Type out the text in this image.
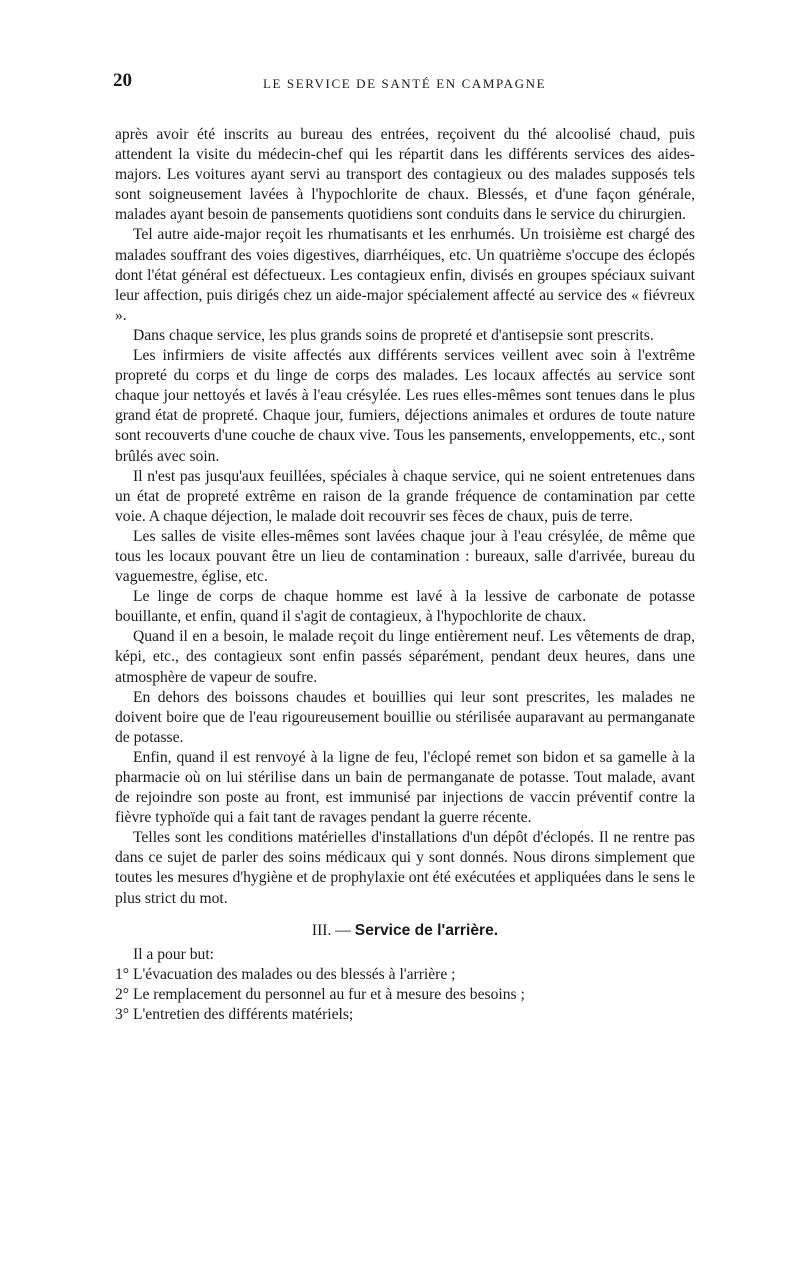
20	LE SERVICE DE SANTÉ EN CAMPAGNE

après avoir été inscrits au bureau des entrées, reçoivent du thé alcoolisé chaud, puis attendent la visite du médecin-chef qui les répartit dans les différents services des aides-majors. Les voitures ayant servi au transport des contagieux ou des malades supposés tels sont soigneusement lavées à l'hypochlorite de chaux. Blessés, et d'une façon générale, malades ayant besoin de pansements quotidiens sont conduits dans le service du chirurgien.

Tel autre aide-major reçoit les rhumatisants et les enrhumés. Un troisième est chargé des malades souffrant des voies digestives, diarrhéiques, etc. Un quatrième s'occupe des éclopés dont l'état général est défectueux. Les contagieux enfin, divisés en groupes spéciaux suivant leur affection, puis dirigés chez un aide-major spécialement affecté au service des « fiévreux ».

Dans chaque service, les plus grands soins de propreté et d'antisepsie sont prescrits.

Les infirmiers de visite affectés aux différents services veillent avec soin à l'extrême propreté du corps et du linge de corps des malades. Les locaux affectés au service sont chaque jour nettoyés et lavés à l'eau crésylée. Les rues elles-mêmes sont tenues dans le plus grand état de propreté. Chaque jour, fumiers, déjections animales et ordures de toute nature sont recouverts d'une couche de chaux vive. Tous les pansements, enveloppements, etc., sont brûlés avec soin.

Il n'est pas jusqu'aux feuillées, spéciales à chaque service, qui ne soient entretenues dans un état de propreté extrême en raison de la grande fréquence de contamination par cette voie. A chaque déjection, le malade doit recouvrir ses fèces de chaux, puis de terre.

Les salles de visite elles-mêmes sont lavées chaque jour à l'eau crésylée, de même que tous les locaux pouvant être un lieu de contamination : bureaux, salle d'arrivée, bureau du vaguemestre, église, etc.

Le linge de corps de chaque homme est lavé à la lessive de carbonate de potasse bouillante, et enfin, quand il s'agit de contagieux, à l'hypochlorite de chaux.

Quand il en a besoin, le malade reçoit du linge entièrement neuf. Les vêtements de drap, képi, etc., des contagieux sont enfin passés séparément, pendant deux heures, dans une atmosphère de vapeur de soufre.

En dehors des boissons chaudes et bouillies qui leur sont prescrites, les malades ne doivent boire que de l'eau rigoureusement bouillie ou stérilisée auparavant au permanganate de potasse.

Enfin, quand il est renvoyé à la ligne de feu, l'éclopé remet son bidon et sa gamelle à la pharmacie où on lui stérilise dans un bain de permanganate de potasse. Tout malade, avant de rejoindre son poste au front, est immunisé par injections de vaccin préventif contre la fièvre typhoïde qui a fait tant de ravages pendant la guerre récente.

Telles sont les conditions matérielles d'installations d'un dépôt d'éclopés. Il ne rentre pas dans ce sujet de parler des soins médicaux qui y sont donnés. Nous dirons simplement que toutes les mesures d'hygiène et de prophylaxie ont été exécutées et appliquées dans le sens le plus strict du mot.

III. — Service de l'arrière.

Il a pour but:

1° L'évacuation des malades ou des blessés à l'arrière ;
2° Le remplacement du personnel au fur et à mesure des besoins ;
3° L'entretien des différents matériels;
